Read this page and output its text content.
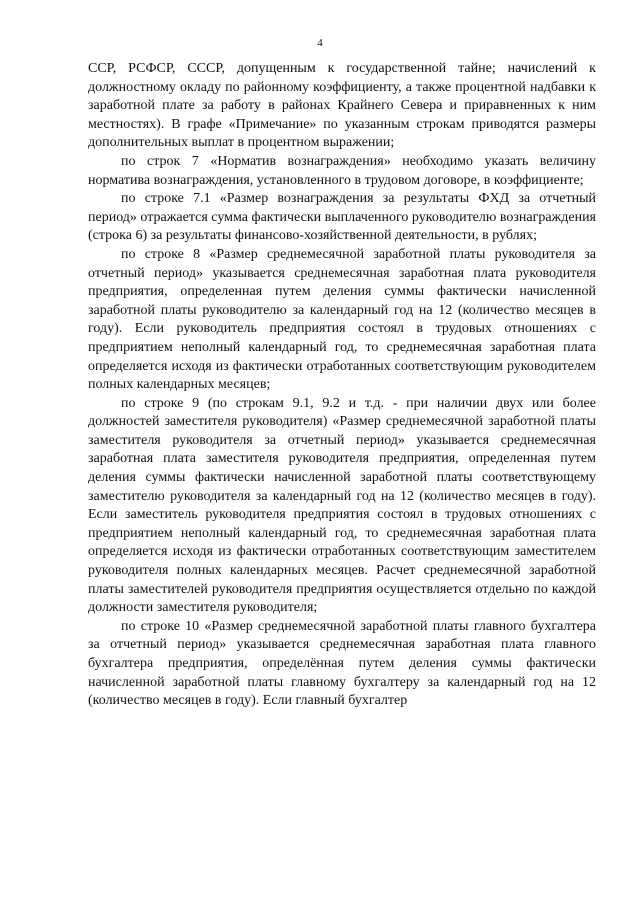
4

ССР, РСФСР, СССР, допущенным к государственной тайне; начислений к должностному окладу по районному коэффициенту, а также процентной надбавки к заработной плате за работу в районах Крайнего Севера и приравненных к ним местностях). В графе «Примечание» по указанным строкам приводятся размеры дополнительных выплат в процентном выражении;

по строк 7 «Норматив вознаграждения» необходимо указать величину норматива вознаграждения, установленного в трудовом договоре, в коэффициенте;

по строке 7.1 «Размер вознаграждения за результаты ФХД за отчетный период» отражается сумма фактически выплаченного руководителю вознаграждения (строка 6) за результаты финансово-хозяйственной деятельности, в рублях;

по строке 8 «Размер среднемесячной заработной платы руководителя за отчетный период» указывается среднемесячная заработная плата руководителя предприятия, определенная путем деления суммы фактически начисленной заработной платы руководителю за календарный год на 12 (количество месяцев в году). Если руководитель предприятия состоял в трудовых отношениях с предприятием неполный календарный год, то среднемесячная заработная плата определяется исходя из фактически отработанных соответствующим руководителем полных календарных месяцев;

по строке 9 (по строкам 9.1, 9.2 и т.д. - при наличии двух или более должностей заместителя руководителя) «Размер среднемесячной заработной платы заместителя руководителя за отчетный период» указывается среднемесячная заработная плата заместителя руководителя предприятия, определенная путем деления суммы фактически начисленной заработной платы соответствующему заместителю руководителя за календарный год на 12 (количество месяцев в году). Если заместитель руководителя предприятия состоял в трудовых отношениях с предприятием неполный календарный год, то среднемесячная заработная плата определяется исходя из фактически отработанных соответствующим заместителем руководителя полных календарных месяцев. Расчет среднемесячной заработной платы заместителей руководителя предприятия осуществляется отдельно по каждой должности заместителя руководителя;

по строке 10 «Размер среднемесячной заработной платы главного бухгалтера за отчетный период» указывается среднемесячная заработная плата главного бухгалтера предприятия, определённая путем деления суммы фактически начисленной заработной платы главному бухгалтеру за календарный год на 12 (количество месяцев в году). Если главный бухгалтер
